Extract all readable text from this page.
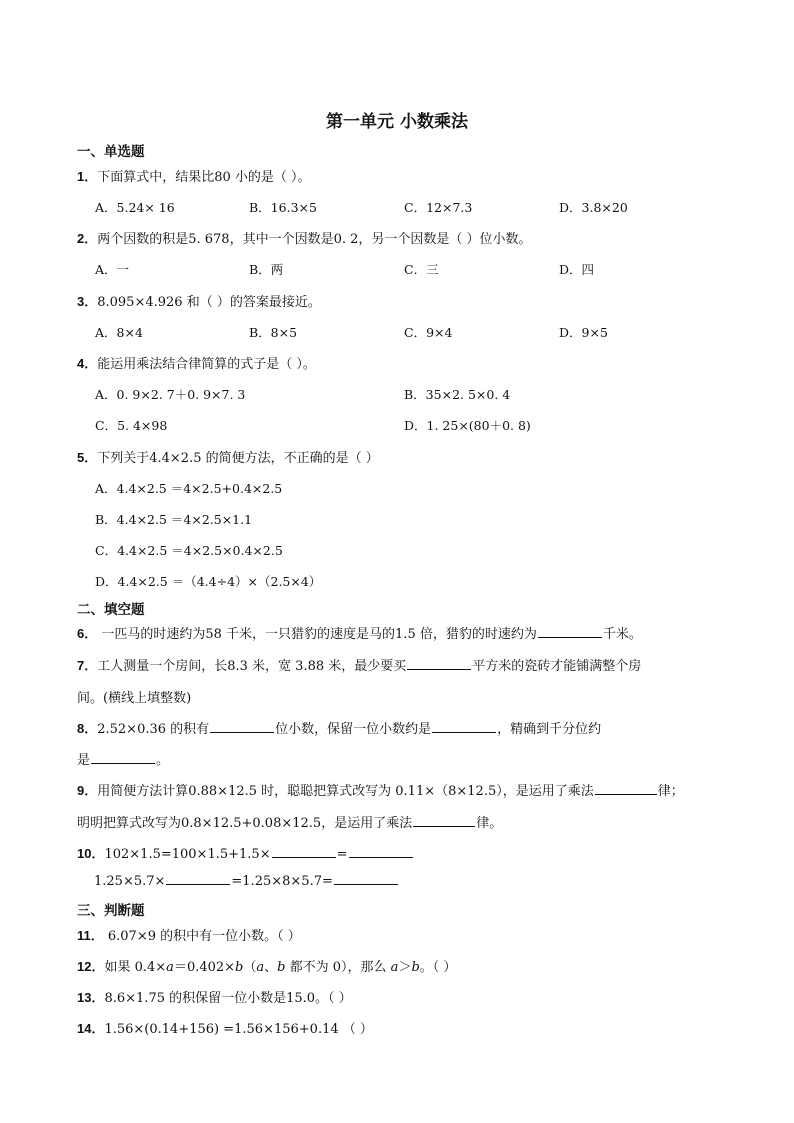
第一单元 小数乘法
一、单选题
1．下面算式中，结果比80 小的是（ ）。
A．5.24× 16	B．16.3×5	C．12×7.3	D．3.8×20
2．两个因数的积是5. 678，其中一个因数是0. 2，另一个因数是（ ）位小数。
A．一	B．两	C．三	D．四
3．8.095×4.926 和（ ）的答案最接近。
A．8×4	B．8×5	C．9×4	D．9×5
4．能运用乘法结合律简算的式子是（ ）。
A．0. 9×2. 7＋0. 9×7. 3	B．35×2. 5×0. 4
C．5. 4×98	D．1. 25×(80＋0. 8)
5．下列关于4.4×2.5 的简便方法，不正确的是（ ）
A．4.4×2.5 ＝4×2.5+0.4×2.5
B．4.4×2.5 ＝4×2.5×1.1
C．4.4×2.5 ＝4×2.5×0.4×2.5
D．4.4×2.5 ＝（4.4÷4）×（2.5×4）
二、填空题
6． 一匹马的时速约为58 千米，一只猎豹的速度是马的1.5 倍，猎豹的时速约为	千米。
7．工人测量一个房间，长8.3 米，宽 3.88 米，最少要买	平方米的瓷砖才能铺满整个房
间。(横线上填整数)
8．2.52×0.36 的积有	位小数，保留一位小数约是	，精确到千分位约
是	。
9．用简便方法计算0.88×12.5 时，聪聪把算式改写为 0.11×（8×12.5），是运用了乘法	律；
明明把算式改写为0.8×12.5+0.08×12.5，是运用了乘法	律。
10．102×1.5=100×1.5+1.5×	=
1.25×5.7×	=1.25×8×5.7=
三、判断题
11． 6.07×9 的积中有一位小数。（ ）
12．如果 0.4×a＝0.402×b（a、b 都不为 0），那么 a＞b。（ ）
13．8.6×1.75 的积保留一位小数是15.0。（ ）
14．1.56×(0.14+156) =1.56×156+0.14 （ ）
